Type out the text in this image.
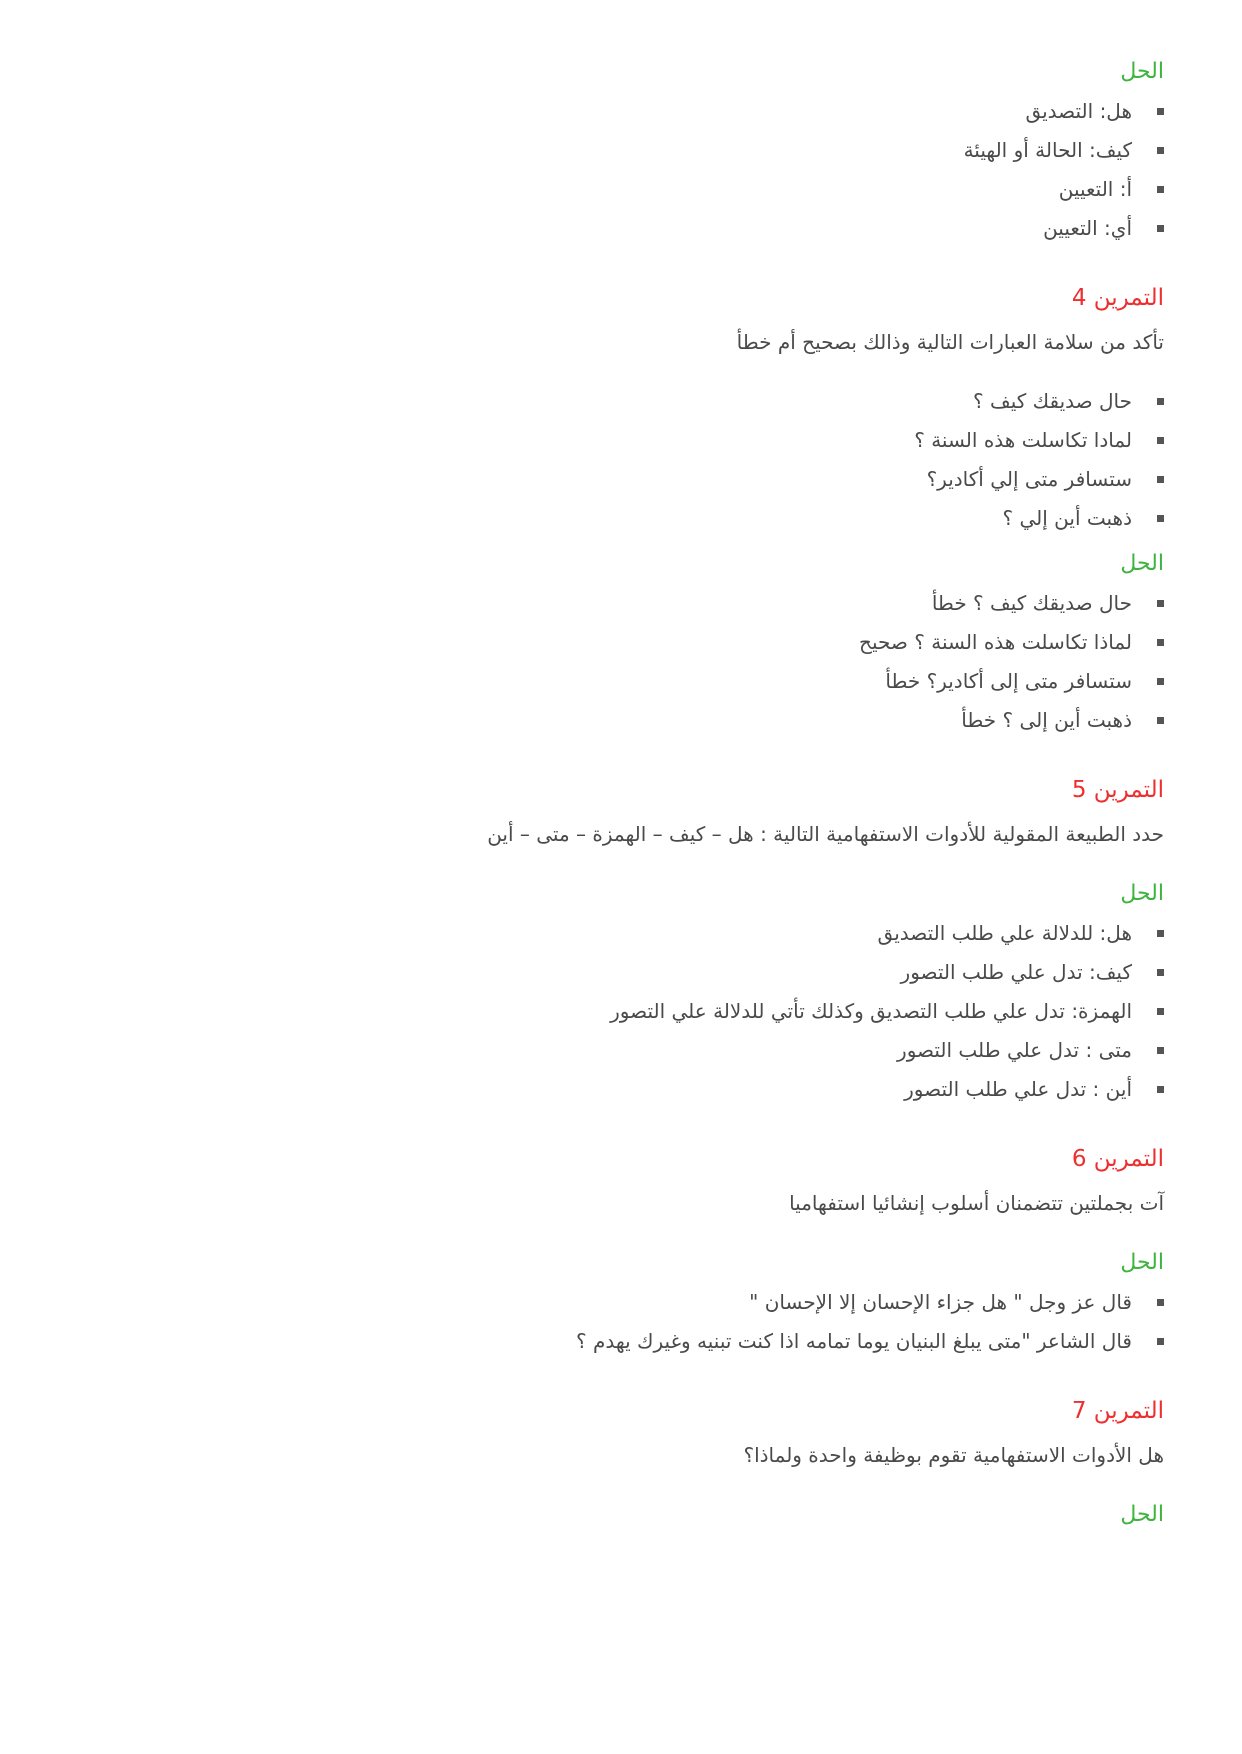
الحل
هل: التصديق
كيف: الحالة أو الهيئة
أ: التعيين
أي: التعيين
التمرين 4

تأكد من سلامة العبارات التالية وذالك بصحيح أم خطأ

حال صديقك كيف ؟
لمادا تكاسلت هذه السنة ؟
ستسافر متى إلي أكادير؟
ذهبت أين إلي ؟
الحل
حال صديقك كيف ؟ خطأ
لماذا تكاسلت هذه السنة ؟ صحيح
ستسافر متى إلى أكادير؟ خطأ
ذهبت أين إلى ؟ خطأ
التمرين 5

حدد الطبيعة المقولية للأدوات الاستفهامية التالية : هل – كيف – الهمزة – متى – أين

الحل
هل: للدلالة علي طلب التصديق
كيف: تدل علي طلب التصور
الهمزة: تدل علي طلب التصديق وكذلك تأتي للدلالة علي التصور
متى : تدل علي طلب التصور
أين : تدل علي طلب التصور
التمرين 6

آت بجملتين تتضمنان أسلوب إنشائيا استفهاميا

الحل
قال عز وجل " هل جزاء الإحسان إلا الإحسان "
قال الشاعر "متى يبلغ البنيان يوما تمامه اذا كنت تبنيه وغيرك يهدم ؟
التمرين 7

هل الأدوات الاستفهامية تقوم بوظيفة واحدة ولماذا؟

الحل
